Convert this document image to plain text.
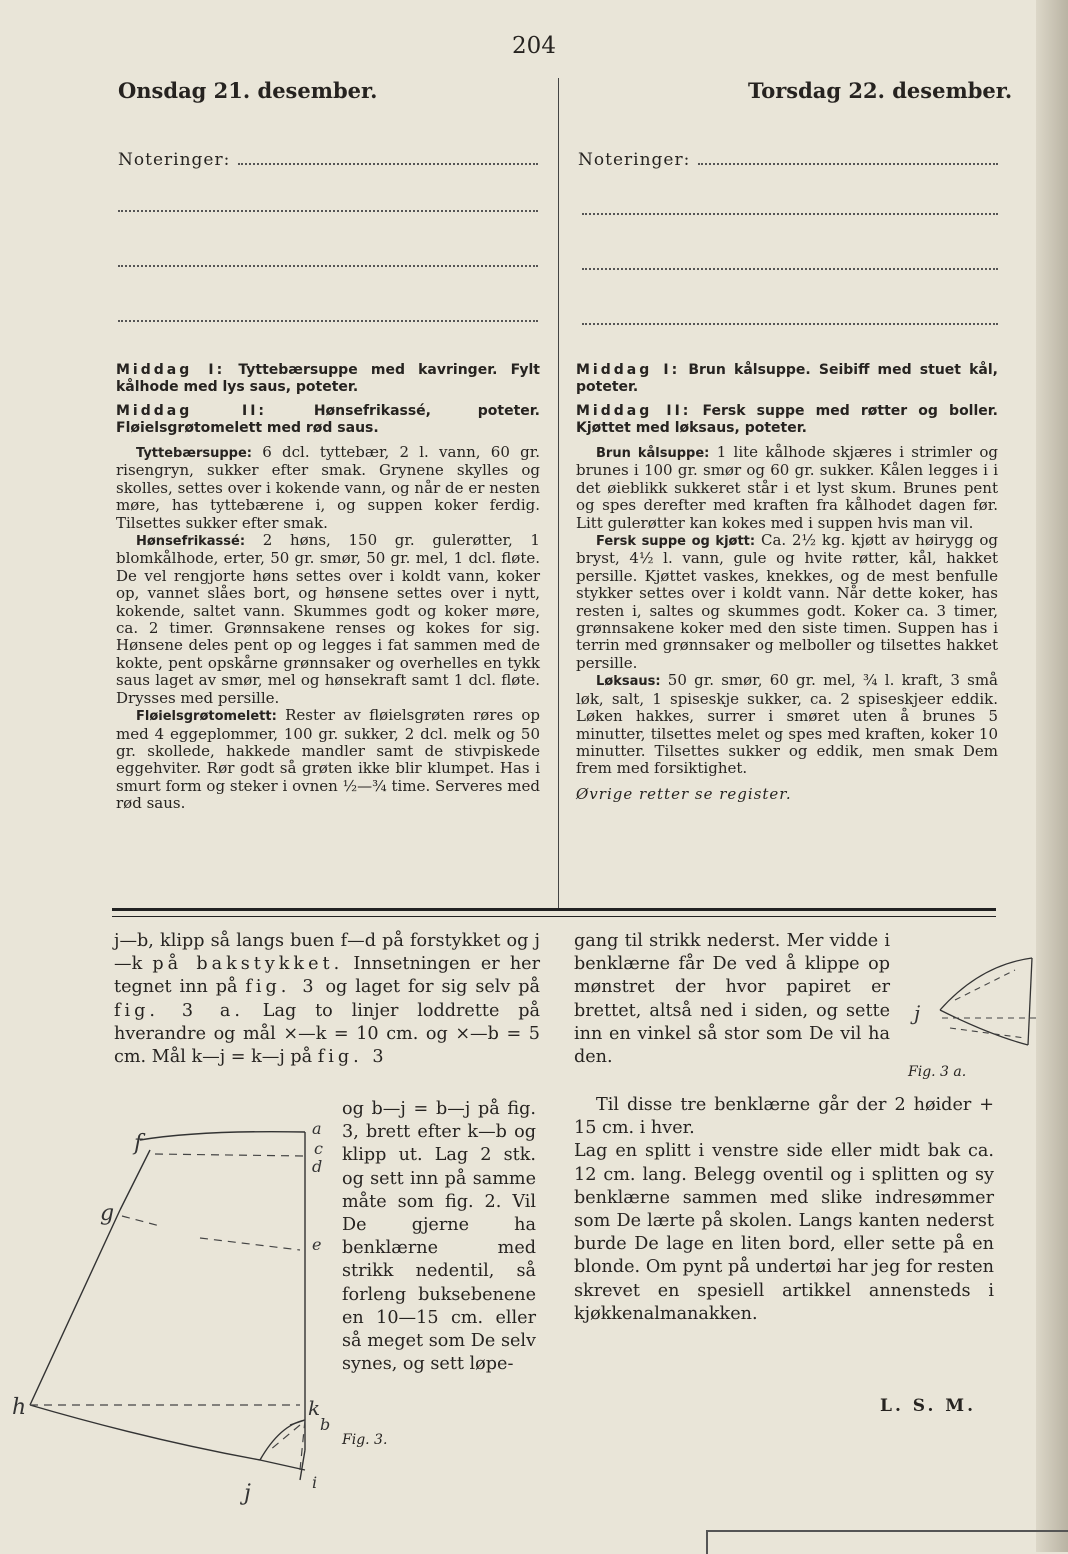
204
Onsdag 21. desember.	Torsdag 22. desember.
Noteringer:	Noteringer:

Middag I: Tyttebærsuppe med kavringer. Fylt kålhode med lys saus, poteter.

Middag II:	Hønsefrikassé, poteter. Fløielsgrøtomelett med rød saus.

Tyttebærsuppe: 6 dcl. tyttebær, 2 l. vann, 60 gr. risengryn, sukker efter smak. Grynene skylles og skolles, settes over i kokende vann, og når de er nesten møre, has tyttebærene i, og suppen koker ferdig. Tilsettes sukker efter smak.

Hønsefrikassé: 2 høns, 150 gr. gulerøtter, 1 blomkålhode, erter, 50 gr. smør, 50 gr. mel, 1 dcl. fløte. De vel rengjorte høns settes over i koldt vann, koker op, vannet slåes bort, og hønsene settes over i nytt, kokende, saltet vann. Skummes godt og koker møre, ca. 2 timer. Grønnsakene renses og kokes for sig. Hønsene deles pent op og legges i fat sammen med de kokte, pent opskårne grønnsaker og overhelles en tykk saus laget av smør, mel og hønsekraft samt 1 dcl. fløte. Drysses med persille.

Fløielsgrøtomelett: Rester av fløielsgrøten røres op med 4 eggeplommer, 100 gr. sukker, 2 dcl. melk og 50 gr. skollede, hakkede mandler samt de stivpiskede eggehviter. Rør godt så grøten ikke blir klumpet. Has i smurt form og steker i ovnen ½—¾ time. Serveres med rød saus.

Middag I: Brun kålsuppe. Seibiff med stuet kål, poteter.

Middag II: Fersk suppe med røtter og boller. Kjøttet med løksaus, poteter.

Brun kålsuppe: 1 lite kålhode skjæres i strimler og brunes i 100 gr. smør og 60 gr. sukker. Kålen legges i i det øieblikk sukkeret står i et lyst skum. Brunes pent og spes derefter med kraften fra kålhodet dagen før. Litt gulerøtter kan kokes med i suppen hvis man vil.

Fersk suppe og kjøtt: Ca. 2½ kg. kjøtt av høirygg og bryst, 4½ l. vann, gule og hvite røtter, kål, hakket persille. Kjøttet vaskes, knekkes, og de mest benfulle stykker settes over i koldt vann. Når dette koker, has resten i, saltes og skummes godt. Koker ca. 3 timer, grønnsakene koker med den siste timen. Suppen has i terrin med grønnsaker og melboller og tilsettes hakket persille.

Løksaus: 50 gr. smør, 60 gr. mel, ¾ l. kraft, 3 små løk, salt, 1 spiseskje sukker, ca. 2 spiseskjeer eddik. Løken hakkes, surrer i smøret uten å brunes 5 minutter, tilsettes melet og spes med kraften, koker 10 minutter. Tilsettes sukker og eddik, men smak Dem frem med forsiktighet.

Øvrige retter se register.

j—b, klipp så langs buen f—d på forstykket og j—k på bakstykket. Innsetningen er her tegnet inn på fig. 3 og laget for sig selv på fig. 3 a. Lag to linjer loddrette på hverandre og mål ×—k = 10 cm. og ×—b = 5 cm. Mål k—j = k—j på fig. 3

og b—j = b—j på fig. 3, brett efter k—b og klipp ut. Lag 2 stk. og sett inn på samme måte som fig. 2. Vil De gjerne ha benklærne med strikk nedentil, så forleng buksebenene en 10—15 cm. eller så meget som De selv synes, og sett løpe-

gang til strikk nederst. Mer vidde i benklærne får De ved å klippe op mønstret der hvor papiret er brettet, altså ned i siden, og sette inn en vinkel så stor som De vil ha den.

Til disse tre benklærne går der 2 høider + 15 cm. i hver.

Lag en splitt i venstre side eller midt bak ca. 12 cm. lang. Belegg oventil og i splitten og sy benklærne sammen med slike indresømmer som De lærte på skolen. Langs kanten nederst burde De lage en liten bord, eller sette på en blonde. Om pynt på undertøi har jeg for resten skrevet en spesiell artikkel annensteds i kjøkkenalmanakken.

L. S. M.
a
c
d
e
f
g
h	k
b
j	i
Fig. 3.
j
Fig. 3 a.
